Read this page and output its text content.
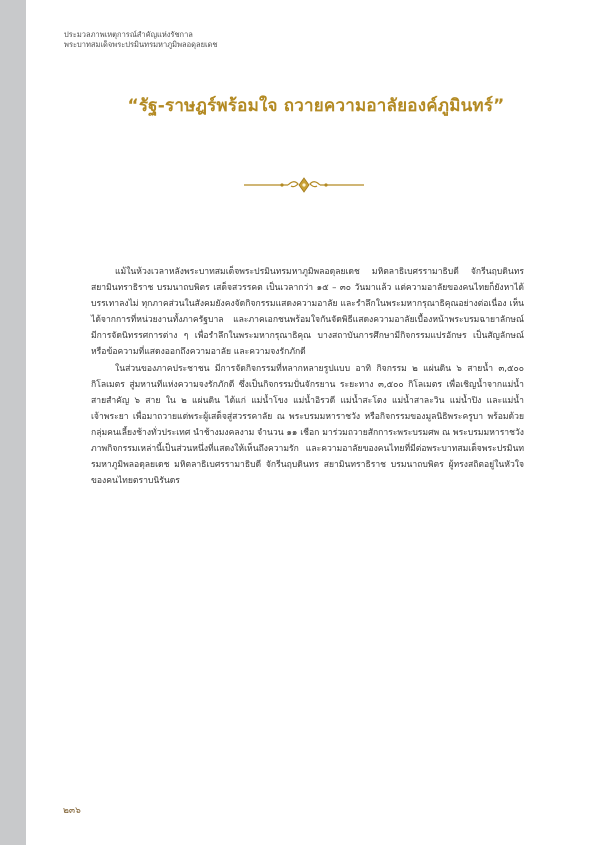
ประมวลภาพเหตุการณ์สำคัญแห่งรัชกาล
พระบาทสมเด็จพระปรมินทรมหาภูมิพลอดุลยเดช
“รัฐ-ราษฎร์พร้อมใจ ถวายความอาลัยองค์ภูมินทร์”

แม้ในห้วงเวลาหลังพระบาทสมเด็จพระปรมินทรมหาภูมิพลอดุลยเดช มหิตลาธิเบศรรามาธิบดี จักรีนฤบดินทร สยามินทราธิราช บรมนาถบพิตร เสด็จสวรรคต เป็นเวลากว่า ๑๕ – ๓๐ วันมาแล้ว แต่ความอาลัยของคนไทยก็ยังหาได้บรรเทาลงไม่ ทุกภาคส่วนในสังคมยังคงจัดกิจกรรมแสดงความอาลัย และรำลึกในพระมหากรุณาธิคุณอย่างต่อเนื่อง เห็นได้จากการที่หน่วยงานทั้งภาครัฐบาล และภาคเอกชนพร้อมใจกันจัดพิธีแสดงความอาลัยเบื้องหน้าพระบรมฉายาลักษณ์ มีการจัดนิทรรศการต่าง ๆ เพื่อรำลึกในพระมหากรุณาธิคุณ บางสถาบันการศึกษามีกิจกรรมแปรอักษร เป็นสัญลักษณ์ หรือข้อความที่แสดงออกถึงความอาลัย และความจงรักภักดี

ในส่วนของภาคประชาชน มีการจัดกิจกรรมที่หลากหลายรูปแบบ อาทิ กิจกรรม ๒ แผ่นดิน ๖ สายน้ำ ๓,๕๐๐ กิโลเมตร สู่มหานทีแห่งความจงรักภักดี ซึ่งเป็นกิจกรรมปั่นจักรยาน ระยะทาง ๓,๕๐๐ กิโลเมตร เพื่อเชิญน้ำจากแม่น้ำสายสำคัญ ๖ สาย ใน ๒ แผ่นดิน ได้แก่ แม่น้ำโขง แม่น้ำอิรวดี แม่น้ำสะโตง แม่น้ำสาละวิน แม่น้ำปิง และแม่น้ำเจ้าพระยา เพื่อมาถวายแด่พระผู้เสด็จสู่สวรรคาลัย ณ พระบรมมหาราชวัง หรือกิจกรรมของมูลนิธิพระครูบา พร้อมด้วยกลุ่มคนเลี้ยงช้างทั่วประเทศ นำช้างมงคลงาม จำนวน ๑๑ เชือก มาร่วมถวายสักการะพระบรมศพ ณ พระบรมมหาราชวัง ภาพกิจกรรมเหล่านี้เป็นส่วนหนึ่งที่แสดงให้เห็นถึงความรัก และความอาลัยของคนไทยที่มีต่อพระบาทสมเด็จพระปรมินทรมหาภูมิพลอดุลยเดช มหิตลาธิเบศรรามาธิบดี จักรีนฤบดินทร สยามินทราธิราช บรมนาถบพิตร ผู้ทรงสถิตอยู่ในหัวใจของคนไทยตราบนิรันดร

๒๓๖
